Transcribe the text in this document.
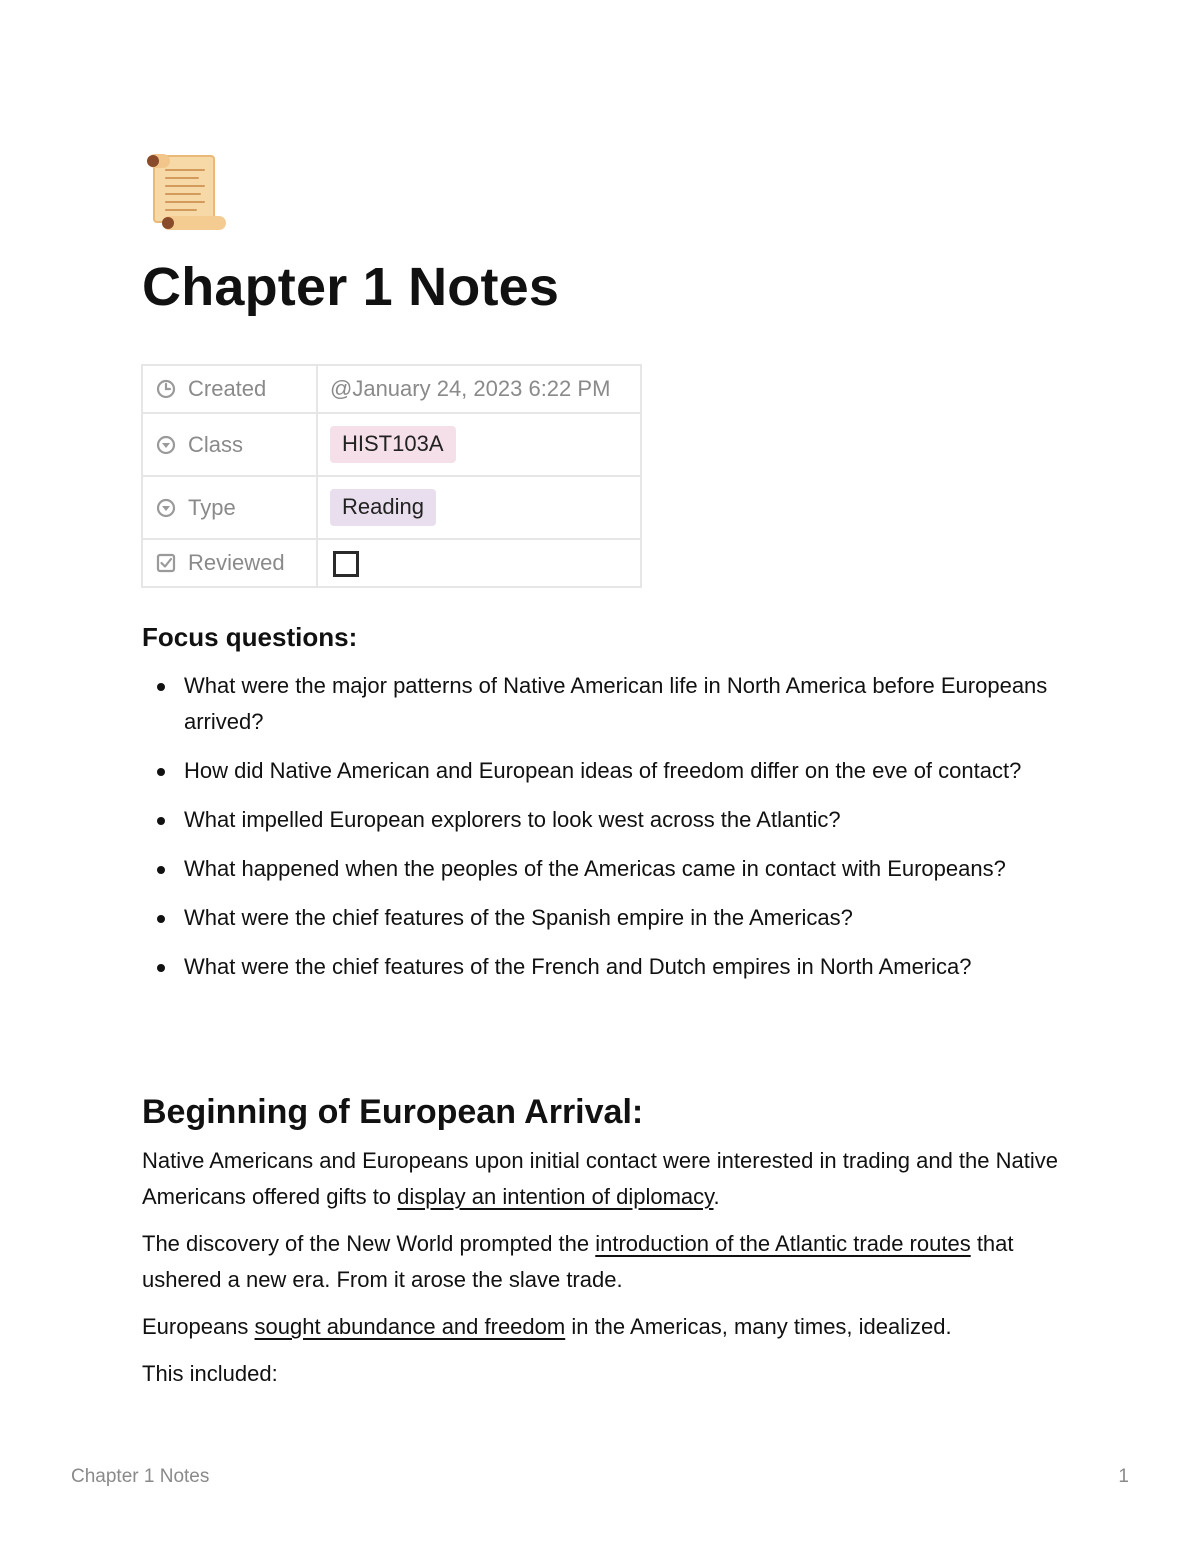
Chapter 1 Notes
Created	@January 24, 2023 6:22 PM

Class	HIST103A

Type	Reading

Reviewed	

Focus questions:
What were the major patterns of Native American life in North America before Europeans arrived?
How did Native American and European ideas of freedom differ on the eve of contact?
What impelled European explorers to look west across the Atlantic?
What happened when the peoples of the Americas came in contact with Europeans?
What were the chief features of the Spanish empire in the Americas?
What were the chief features of the French and Dutch empires in North America?
Beginning of European Arrival:

Native Americans and Europeans upon initial contact were interested in trading and the Native Americans offered gifts to display an intention of diplomacy.

The discovery of the New World prompted the introduction of the Atlantic trade routes that ushered a new era. From it arose the slave trade.

Europeans sought abundance and freedom in the Americas, many times, idealized.

This included:

Chapter 1 Notes	1
